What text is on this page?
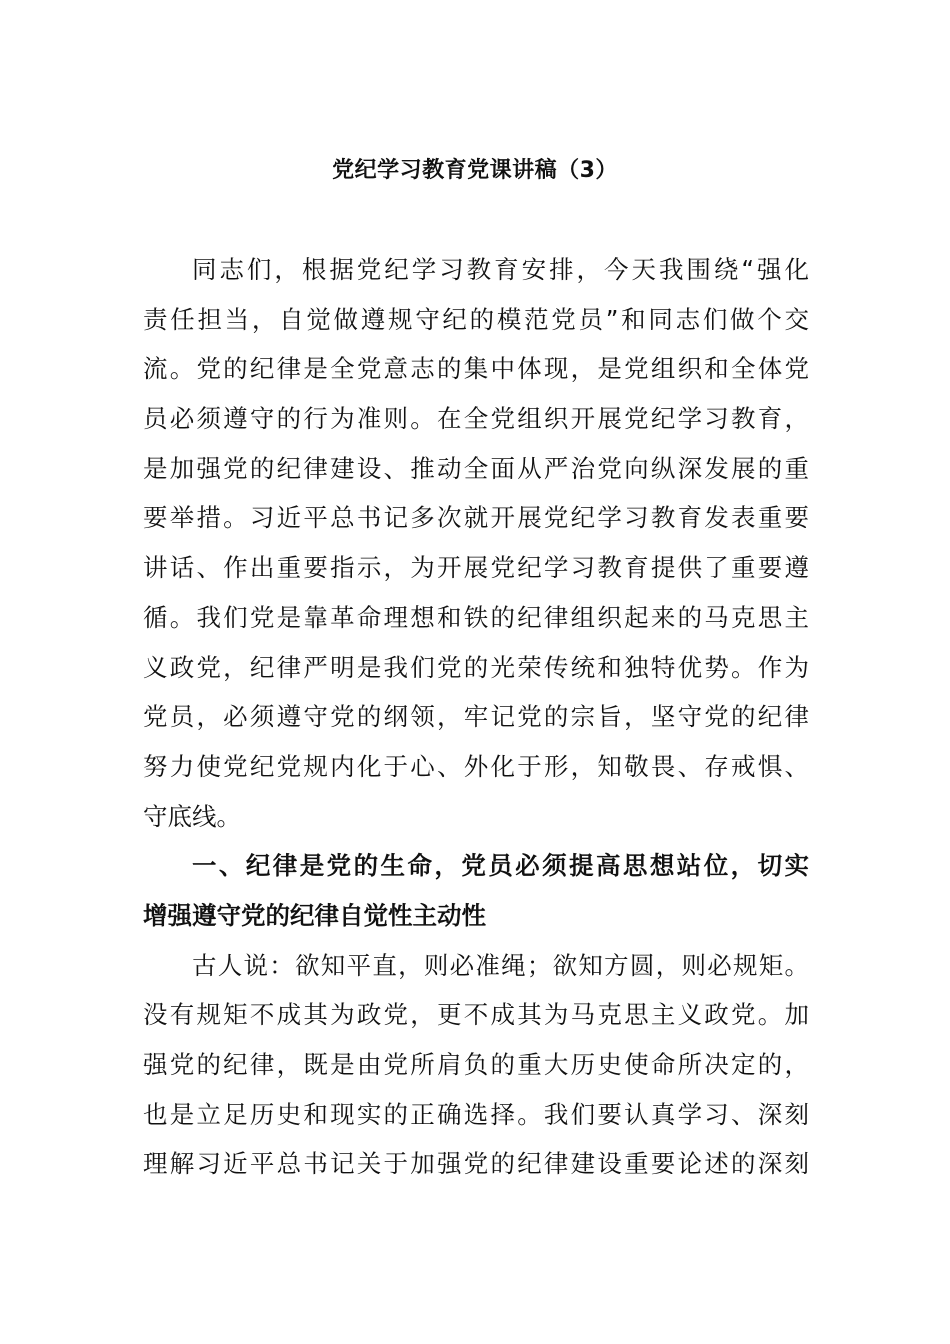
党纪学习教育党课讲稿（3）
同志们，根据党纪学习教育安排，今天我围绕“强化
责任担当，自觉做遵规守纪的模范党员”和同志们做个交
流。党的纪律是全党意志的集中体现，是党组织和全体党
员必须遵守的行为准则。在全党组织开展党纪学习教育，
是加强党的纪律建设、推动全面从严治党向纵深发展的重
要举措。习近平总书记多次就开展党纪学习教育发表重要
讲话、作出重要指示，为开展党纪学习教育提供了重要遵
循。我们党是靠革命理想和铁的纪律组织起来的马克思主
义政党，纪律严明是我们党的光荣传统和独特优势。作为
党员，必须遵守党的纲领，牢记党的宗旨，坚守党的纪律
努力使党纪党规内化于心、外化于形，知敬畏、存戒惧、
守底线。
一、纪律是党的生命，党员必须提高思想站位，切实
增强遵守党的纪律自觉性主动性
古人说：欲知平直，则必准绳；欲知方圆，则必规矩。
没有规矩不成其为政党，更不成其为马克思主义政党。加
强党的纪律，既是由党所肩负的重大历史使命所决定的，
也是立足历史和现实的正确选择。我们要认真学习、深刻
理解习近平总书记关于加强党的纪律建设重要论述的深刻
